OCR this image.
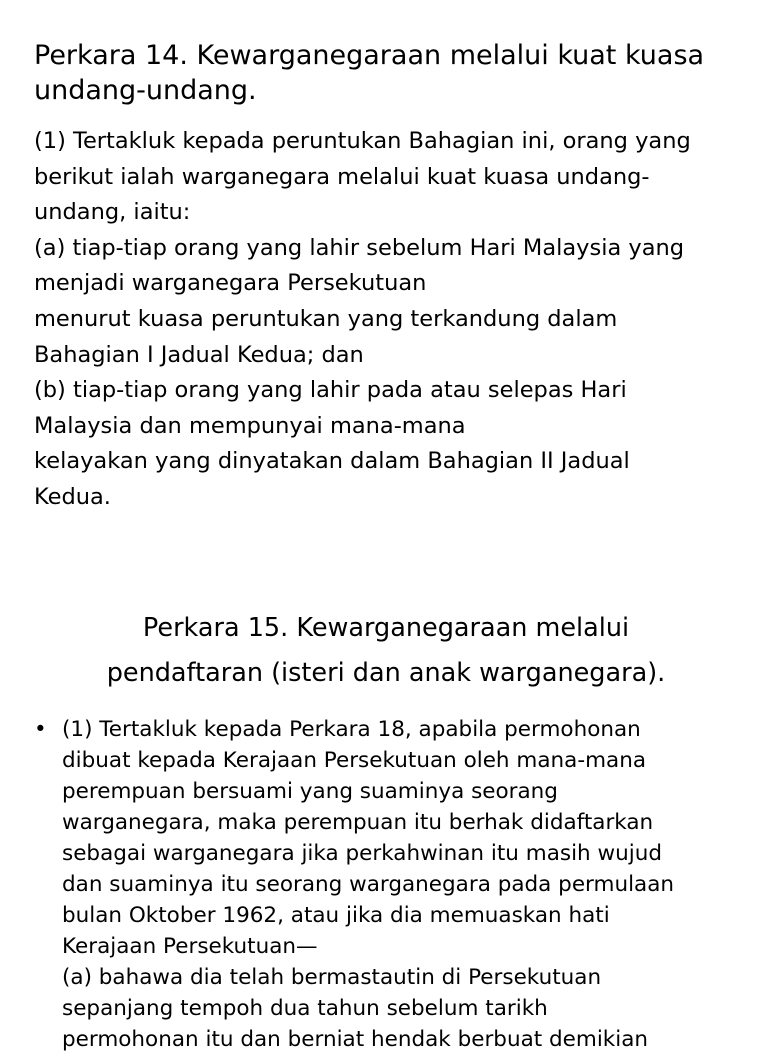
Perkara 14. Kewarganegaraan melalui kuat kuasa
undang-undang.
(1) Tertakluk kepada peruntukan Bahagian ini, orang yang
berikut ialah warganegara melalui kuat kuasa undang-
undang, iaitu:
(a) tiap-tiap orang yang lahir sebelum Hari Malaysia yang
menjadi warganegara Persekutuan
menurut kuasa peruntukan yang terkandung dalam
Bahagian I Jadual Kedua; dan
(b) tiap-tiap orang yang lahir pada atau selepas Hari
Malaysia dan mempunyai mana-mana
kelayakan yang dinyatakan dalam Bahagian II Jadual
Kedua.
Perkara 15. Kewarganegaraan melalui
pendaftaran (isteri dan anak warganegara).
• (1) Tertakluk kepada Perkara 18, apabila permohonan
dibuat kepada Kerajaan Persekutuan oleh mana-mana
perempuan bersuami yang suaminya seorang
warganegara, maka perempuan itu berhak didaftarkan
sebagai warganegara jika perkahwinan itu masih wujud
dan suaminya itu seorang warganegara pada permulaan
bulan Oktober 1962, atau jika dia memuaskan hati
Kerajaan Persekutuan—
(a) bahawa dia telah bermastautin di Persekutuan
sepanjang tempoh dua tahun sebelum tarikh
permohonan itu dan berniat hendak berbuat demikian
